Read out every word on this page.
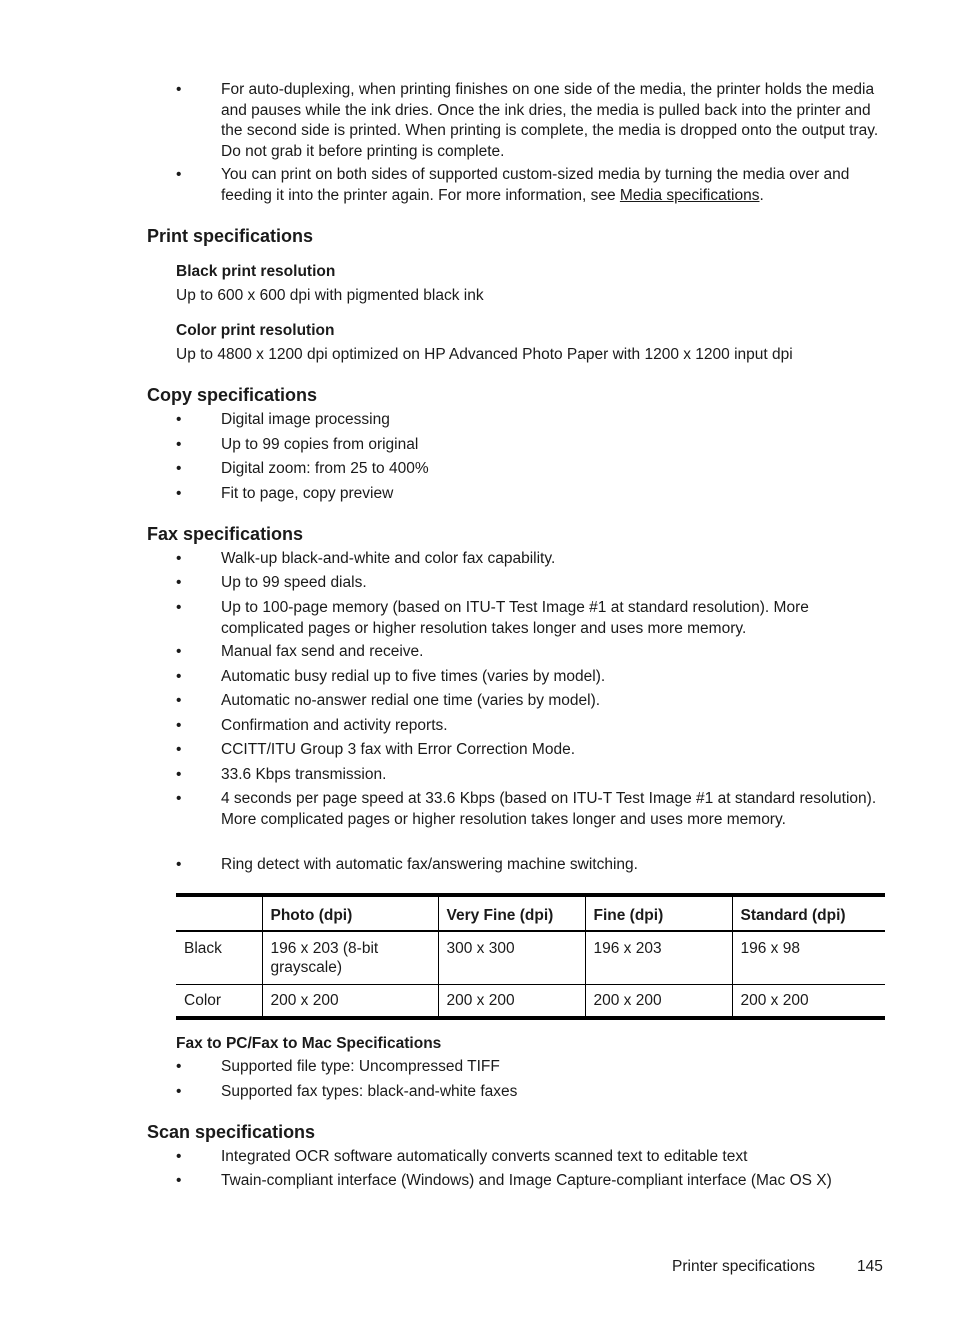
•	For auto-duplexing, when printing finishes on one side of the media, the printer holds the media and pauses while the ink dries. Once the ink dries, the media is pulled back into the printer and the second side is printed. When printing is complete, the media is dropped onto the output tray. Do not grab it before printing is complete.
•	You can print on both sides of supported custom-sized media by turning the media over and feeding it into the printer again. For more information, see Media specifications.
Print specifications
Black print resolution
Up to 600 x 600 dpi with pigmented black ink
Color print resolution
Up to 4800 x 1200 dpi optimized on HP Advanced Photo Paper with 1200 x 1200 input dpi
Copy specifications
•	Digital image processing
•	Up to 99 copies from original
•	Digital zoom: from 25 to 400%
•	Fit to page, copy preview
Fax specifications
•	Walk-up black-and-white and color fax capability.
•	Up to 99 speed dials.
•	Up to 100-page memory (based on ITU-T Test Image #1 at standard resolution). More complicated pages or higher resolution takes longer and uses more memory.
•	Manual fax send and receive.
•	Automatic busy redial up to five times (varies by model).
•	Automatic no-answer redial one time (varies by model).
•	Confirmation and activity reports.
•	CCITT/ITU Group 3 fax with Error Correction Mode.
•	33.6 Kbps transmission.
•	4 seconds per page speed at 33.6 Kbps (based on ITU-T Test Image #1 at standard resolution). More complicated pages or higher resolution takes longer and uses more memory.
•	Ring detect with automatic fax/answering machine switching.
	Photo (dpi)	Very Fine (dpi)	Fine (dpi)	Standard (dpi)
Black	196 x 203 (8-bit grayscale)	300 x 300	196 x 203	196 x 98
Color	200 x 200	200 x 200	200 x 200	200 x 200
Fax to PC/Fax to Mac Specifications
•	Supported file type: Uncompressed TIFF
•	Supported fax types: black-and-white faxes
Scan specifications
•	Integrated OCR software automatically converts scanned text to editable text
•	Twain-compliant interface (Windows) and Image Capture-compliant interface (Mac OS X)
Printer specifications	145
